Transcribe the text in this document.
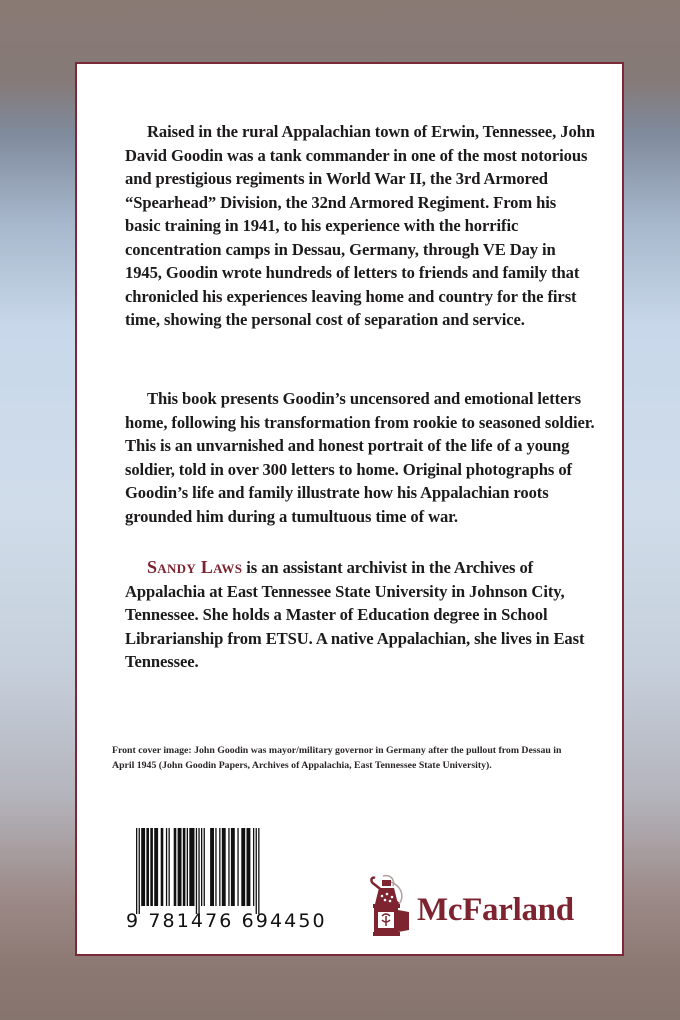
Raised in the rural Appalachian town of Erwin, Tennessee, John David Goodin was a tank commander in one of the most notorious and prestigious regiments in World War II, the 3rd Armored “Spearhead” Division, the 32nd Armored Regiment. From his basic training in 1941, to his experience with the horrific concentration camps in Dessau, Germany, through VE Day in 1945, Goodin wrote hundreds of letters to friends and family that chronicled his experiences leaving home and country for the first time, showing the personal cost of separation and service.

This book presents Goodin’s uncensored and emotional letters home, following his transformation from rookie to seasoned soldier. This is an unvarnished and honest portrait of the life of a young soldier, told in over 300 letters to home. Original photographs of Goodin’s life and family illustrate how his Appalachian roots grounded him during a tumultuous time of war.

Sandy Laws is an assistant archivist in the Archives of Appalachia at East Tennessee State University in Johnson City, Tennessee. She holds a Master of Education degree in School Librarianship from ETSU. A native Appalachian, she lives in East Tennessee.

Front cover image: John Goodin was mayor/military governor in Germany after the pullout from Dessau in April 1945 (John Goodin Papers, Archives of Appalachia, East Tennessee State University).
9 781476 694450	McFarland
